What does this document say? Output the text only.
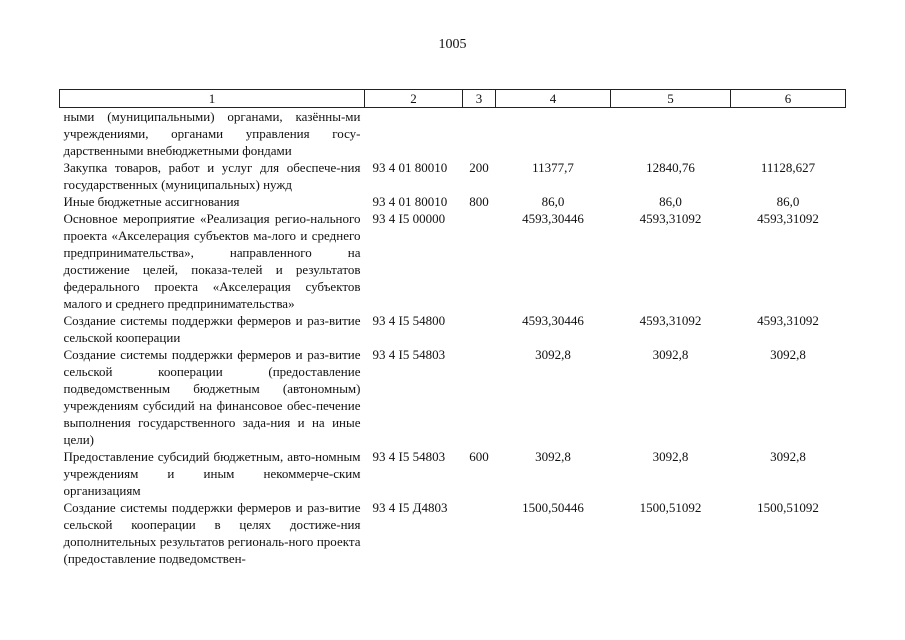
1005
1	2	3	4	5	6
ными (муниципальными) органами, казённы-ми учреждениями, органами управления госу-дарственными внебюджетными фондами					
Закупка товаров, работ и услуг для обеспече-ния государственных (муниципальных) нужд	93 4 01 80010	200	11377,7	12840,76	11128,627
Иные бюджетные ассигнования	93 4 01 80010	800	86,0	86,0	86,0
Основное мероприятие «Реализация регио-нального проекта «Акселерация субъектов ма-лого и среднего предпринимательства», направленного на достижение целей, показа-телей и результатов федерального проекта «Акселерация субъектов малого и среднего предпринимательства»	93 4 I5 00000		4593,30446	4593,31092	4593,31092
Создание системы поддержки фермеров и раз-витие сельской кооперации	93 4 I5 54800		4593,30446	4593,31092	4593,31092
Создание системы поддержки фермеров и раз-витие сельской кооперации (предоставление подведомственным бюджетным (автономным) учреждениям субсидий на финансовое обес-печение выполнения государственного зада-ния и на иные цели)	93 4 I5 54803		3092,8	3092,8	3092,8
Предоставление субсидий бюджетным, авто-номным учреждениям и иным некоммерче-ским организациям	93 4 I5 54803	600	3092,8	3092,8	3092,8
Создание системы поддержки фермеров и раз-витие сельской кооперации в целях достиже-ния дополнительных результатов региональ-ного проекта (предоставление подведомствен-	93 4 I5 Д4803		1500,50446	1500,51092	1500,51092
